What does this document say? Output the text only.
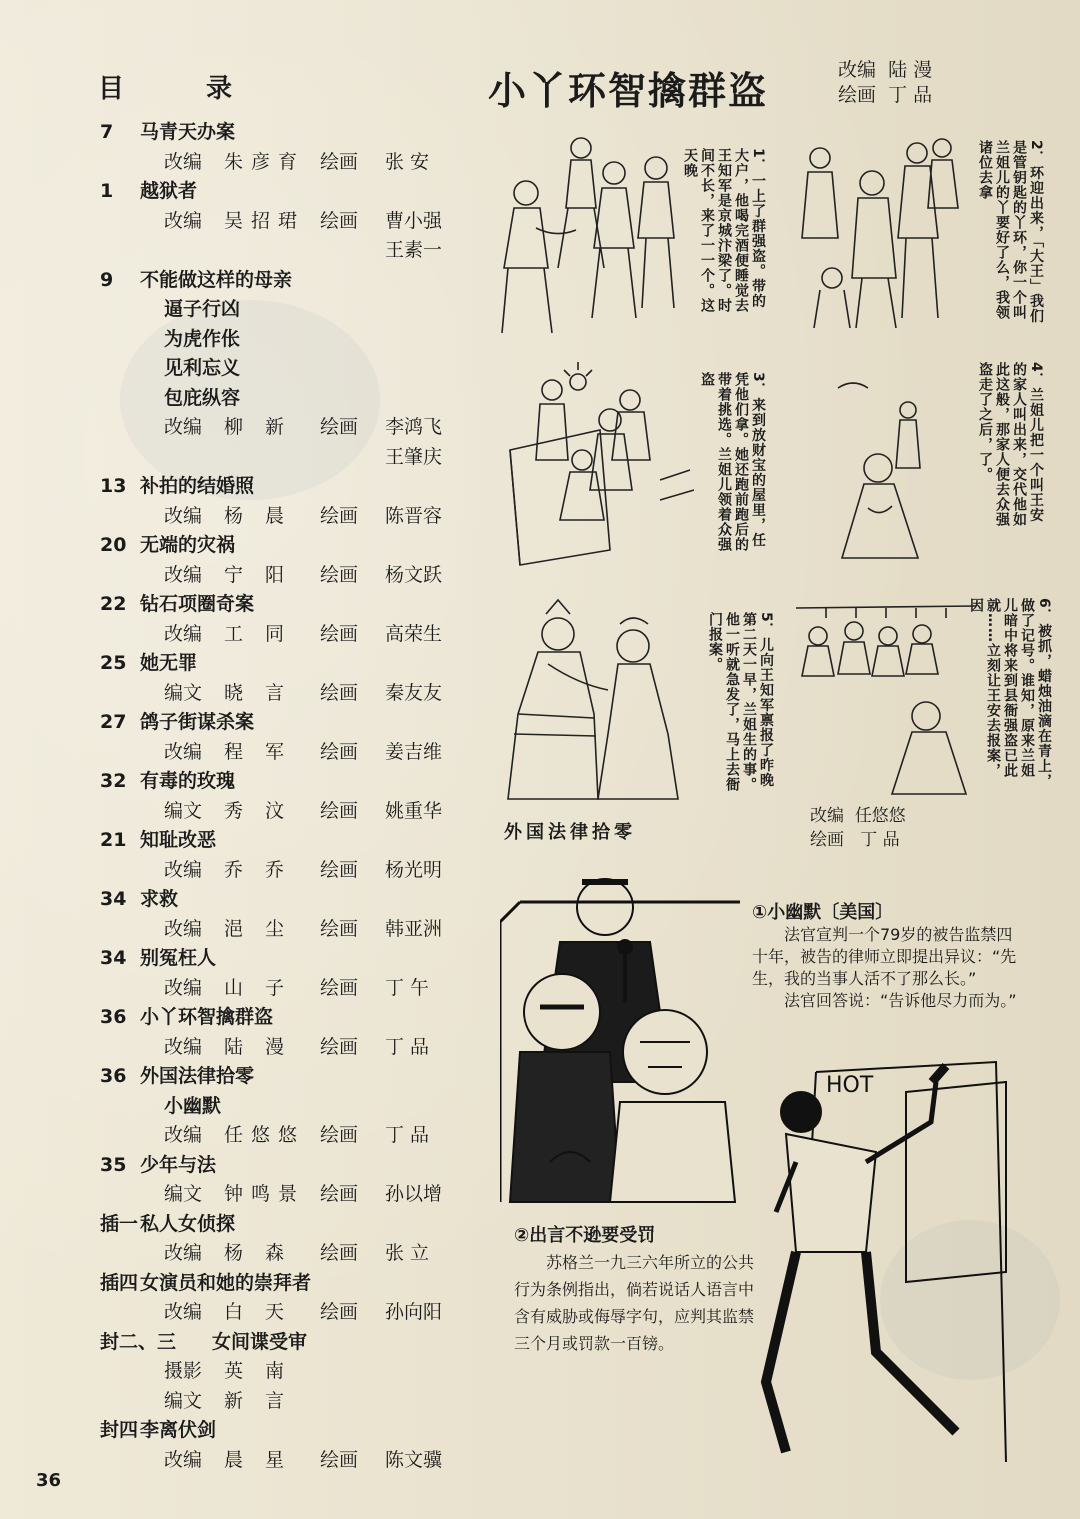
目	录
7 马青天办案
改编 朱彦育 绘画 张 安
1 越狱者
改编 吴招珺 绘画 曹小强
王素一
9 不能做这样的母亲
逼子行凶
为虎作伥
见利忘义
包庇纵容
改编 柳 新 绘画 李鸿飞
王肇庆
13 补拍的结婚照
改编 杨 晨 绘画 陈晋容
20 无端的灾祸
改编 宁 阳 绘画 杨文跃
22 钻石项圈奇案
改编 工 同 绘画 高荣生
25 她无罪
编文 晓 言 绘画 秦友友
27 鸽子街谋杀案
改编 程 军 绘画 姜吉维
32 有毒的玫瑰
编文 秀 汶 绘画 姚重华
21 知耻改恶
改编 乔 乔 绘画 杨光明
34 求救
改编 浥 尘 绘画 韩亚洲
34 别冤枉人
改编 山 子 绘画 丁 午
36 小丫环智擒群盗
改编 陆 漫 绘画 丁 品
36 外国法律拾零
小幽默
改编 任悠悠 绘画 丁 品
35 少年与法
编文 钟鸣景 绘画 孙以增
插一 私人女侦探
改编 杨 森 绘画 张 立
插四 女演员和她的崇拜者
改编 白 天 绘画 孙向阳
封二、三 女间谍受审
摄影 英 南
编文 新 言
封四 李离伏剑
改编 晨 星 绘画 陈文骥
36
小丫环智擒群盗	改编 陆 漫
绘画 丁 品
1．一上了群强盗。带的大户，他喝完酒便睡觉去王知军是京城汴梁了。时间不长，来了一一个。这天晚	2．环迎出来，「大王」我们是管钥匙的丫环，你一个叫兰姐儿的丫要好了么，我领诸位去拿
3．来到放财宝的屋里，任凭他们拿。她还跑前跑后的带着挑选。兰姐儿领着众强盗	4．兰姐儿把一个叫王安的家人叫出来，交代他如此这般，那家人便去众强盗走了之后，了。
5．儿向王知军禀报了昨晚第二天一早，兰姐生的事。他一听就急发了，马上去衙门报案。	6．被抓，蜡烛油滴在青上，做了记号。谁知，原来兰姐儿暗中将来到县衙强盗已此就……立刻让王安去报案，因
改编 任悠悠
绘画 丁 品
外国法律拾零
①小幽默〔美国〕
法官宣判一个79岁的被告监禁四十年，被告的律师立即提出异议：“先生，我的当事人活不了那么长。”
法官回答说：“告诉他尽力而为。”
HOT
②出言不逊要受罚
苏格兰一九三六年所立的公共行为条例指出，倘若说话人语言中含有威胁或侮辱字句，应判其监禁三个月或罚款一百镑。
